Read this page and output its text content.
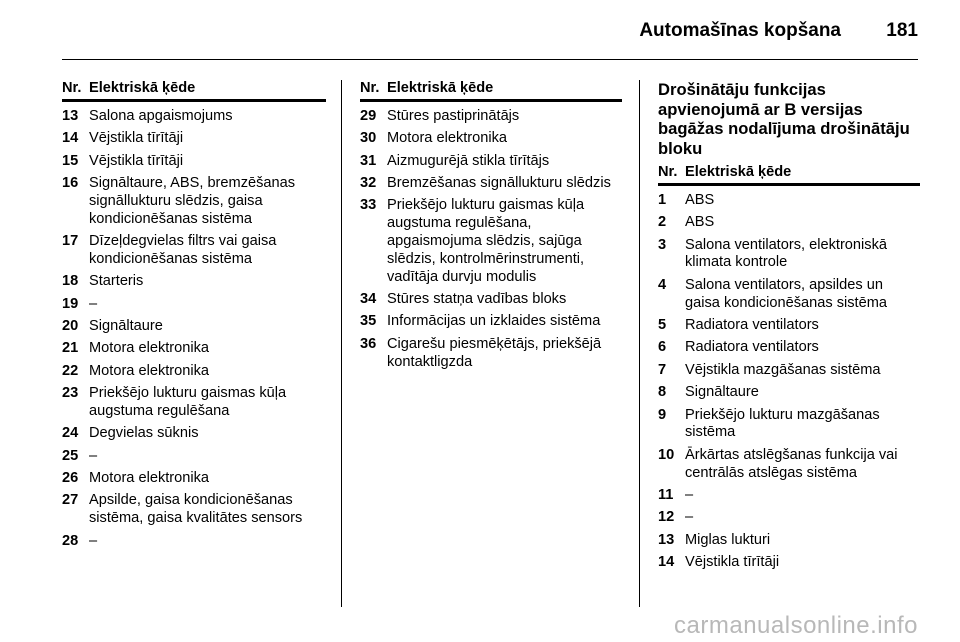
Automašīnas kopšana 181
Nr. Elektriskā ķēde
13 Salona apgaismojums
14 Vējstikla tīrītāji
15 Vējstikla tīrītāji
16 Signāltaure, ABS, bremzēšanas signāllukturu slēdzis, gaisa kondicionēšanas sistēma
17 Dīzeļdegvielas filtrs vai gaisa kondicionēšanas sistēma
18 Starteris
19 –
20 Signāltaure
21 Motora elektronika
22 Motora elektronika
23 Priekšējo lukturu gaismas kūļa augstuma regulēšana
24 Degvielas sūknis
25 –
26 Motora elektronika
27 Apsilde, gaisa kondicionēšanas sistēma, gaisa kvalitātes sensors
28 –
Nr. Elektriskā ķēde
29 Stūres pastiprinātājs
30 Motora elektronika
31 Aizmugurējā stikla tīrītājs
32 Bremzēšanas signāllukturu slēdzis
33 Priekšējo lukturu gaismas kūļa augstuma regulēšana, apgaismojuma slēdzis, sajūga slēdzis, kontrolmērinstrumenti, vadītāja durvju modulis
34 Stūres statņa vadības bloks
35 Informācijas un izklaides sistēma
36 Cigarešu piesmēķētājs, priekšējā kontaktligzda
Drošinātāju funkcijas apvienojumā ar B versijas bagāžas nodalījuma drošinātāju bloku
Nr. Elektriskā ķēde
1	ABS
2	ABS
3	Salona ventilators, elektroniskā klimata kontrole
4	Salona ventilators, apsildes un gaisa kondicionēšanas sistēma
5	Radiatora ventilators
6	Radiatora ventilators
7	Vējstikla mazgāšanas sistēma
8	Signāltaure
9	Priekšējo lukturu mazgāšanas sistēma
10 Ārkārtas atslēgšanas funkcija vai centrālās atslēgas sistēma
11 –
12 –
13 Miglas lukturi
14 Vējstikla tīrītāji
carmanualsonline.info
